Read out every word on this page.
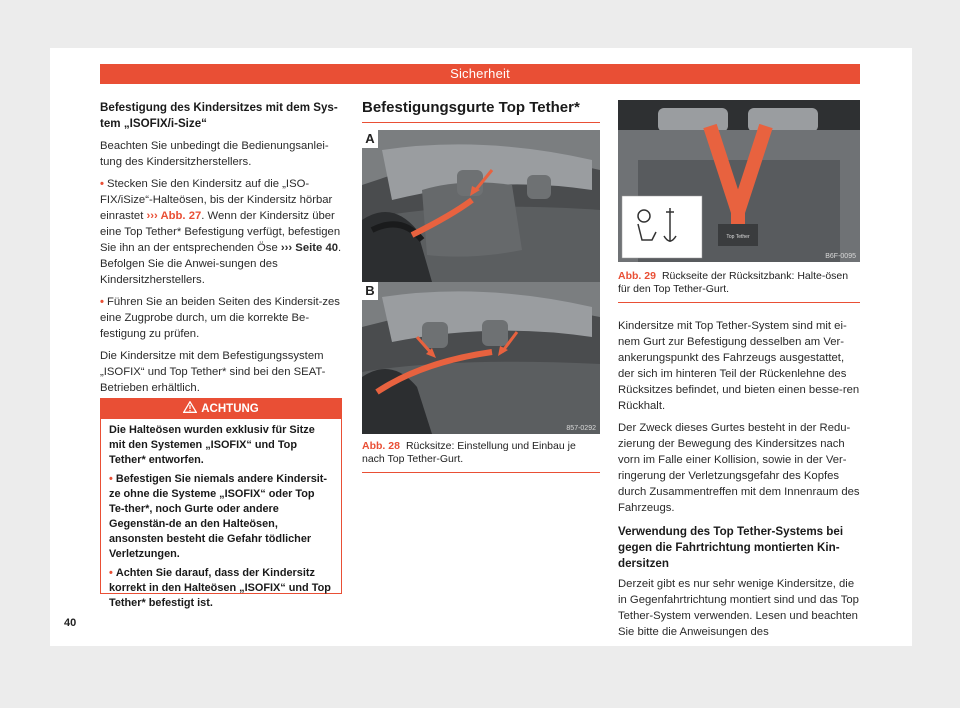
Sicherheit
Befestigung des Kindersitzes mit dem Sys-tem „ISOFIX/i-Size“
Beachten Sie unbedingt die Bedienungsanlei-tung des Kindersitzherstellers.
• Stecken Sie den Kindersitz auf die „ISO-FIX/iSize“-Halteösen, bis der Kindersitz hörbar einrastet ››› Abb. 27. Wenn der Kindersitz über eine Top Tether* Befestigung verfügt, befestigen Sie ihn an der entsprechenden Öse ››› Seite 40. Befolgen Sie die Anwei-sungen des Kindersitzherstellers.
• Führen Sie an beiden Seiten des Kindersit-zes eine Zugprobe durch, um die korrekte Be-festigung zu prüfen.
Die Kindersitze mit dem Befestigungssystem „ISOFIX“ und Top Tether* sind bei den SEAT-Betrieben erhältlich.
ACHTUNG

Die Halteösen wurden exklusiv für Sitze mit den Systemen „ISOFIX“ und Top Tether* entworfen.

• Befestigen Sie niemals andere Kindersit-ze ohne die Systeme „ISOFIX“ oder Top Te-ther*, noch Gurte oder andere Gegenstän-de an den Halteösen, ansonsten besteht die Gefahr tödlicher Verletzungen.

• Achten Sie darauf, dass der Kindersitz korrekt in den Halteösen „ISOFIX“ und Top Tether* befestigt ist.

Befestigungsgurte Top Tether*
A
B
857-0292
Abb. 28 Rücksitze: Einstellung und Einbau je nach Top Tether-Gurt.
Top Tether
B6F-0095
Abb. 29 Rückseite der Rücksitzbank: Halte-ösen für den Top Tether-Gurt.
Kindersitze mit Top Tether-System sind mit ei-nem Gurt zur Befestigung desselben am Ver-ankerungspunkt des Fahrzeugs ausgestattet, der sich im hinteren Teil der Rückenlehne des Rücksitzes befindet, und bieten einen besse-ren Rückhalt.
Der Zweck dieses Gurtes besteht in der Redu-zierung der Bewegung des Kindersitzes nach vorn im Falle einer Kollision, sowie in der Ver-ringerung der Verletzungsgefahr des Kopfes durch Zusammentreffen mit dem Innenraum des Fahrzeugs.
Verwendung des Top Tether-Systems bei gegen die Fahrtrichtung montierten Kin-dersitzen
Derzeit gibt es nur sehr wenige Kindersitze, die in Gegenfahrtrichtung montiert sind und das Top Tether-System verwenden. Lesen und beachten Sie bitte die Anweisungen des
40
